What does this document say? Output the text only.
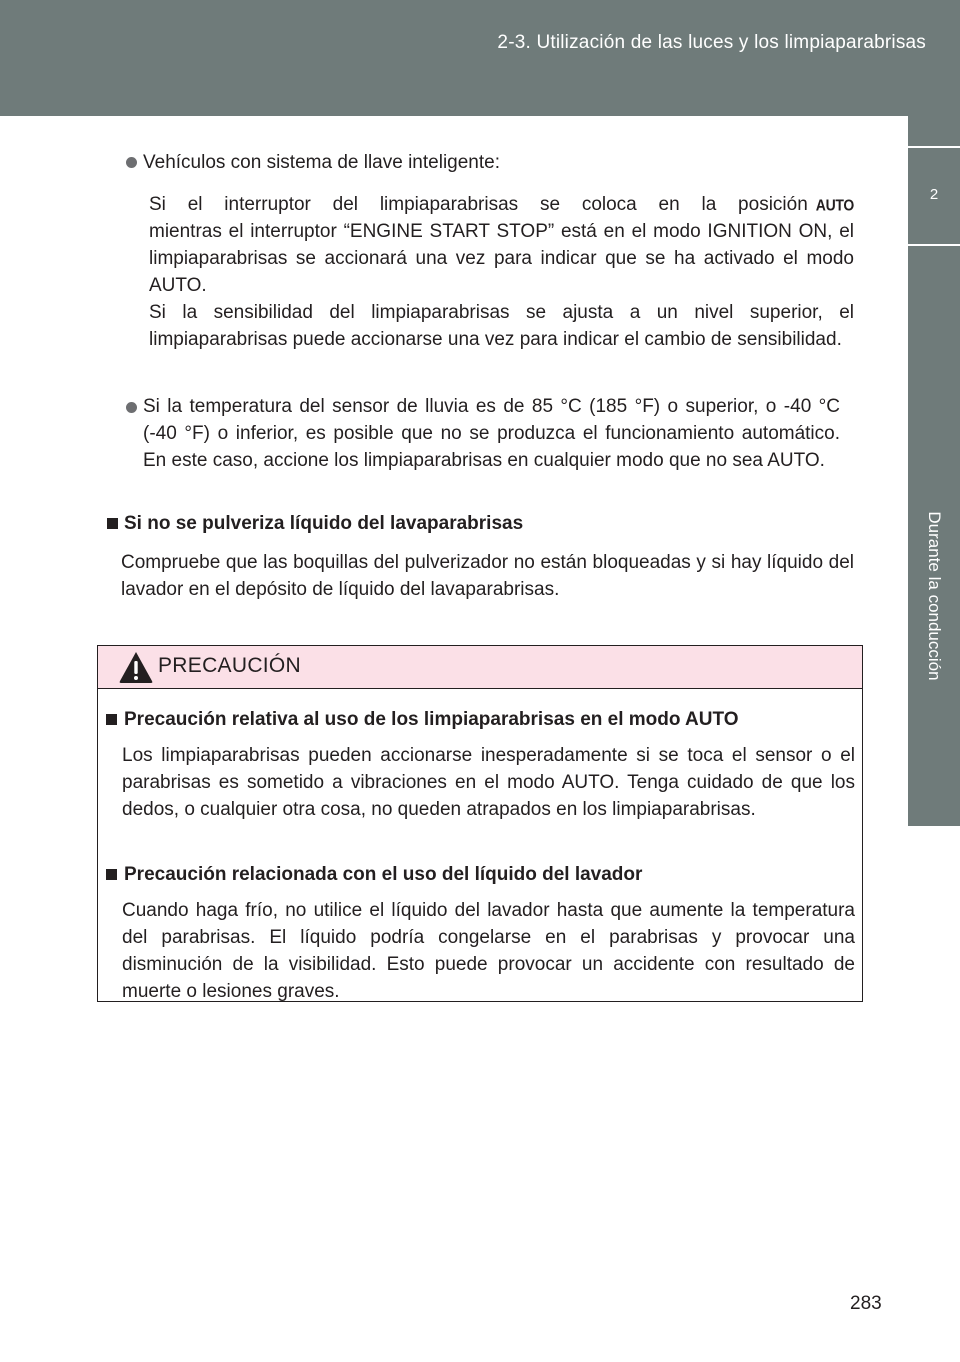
2-3. Utilización de las luces y los limpiaparabrisas
2
Durante la conducción
Vehículos con sistema de llave inteligente:
Si el interruptor del limpiaparabrisas se coloca en la posición AUTO
mientras el interruptor “ENGINE START STOP” está en el modo IGNITION ON, el limpiaparabrisas se accionará una vez para indicar que se ha activado el modo AUTO.
Si la sensibilidad del limpiaparabrisas se ajusta a un nivel superior, el limpiaparabrisas puede accionarse una vez para indicar el cambio de sensibilidad.
Si la temperatura del sensor de lluvia es de 85 °C (185 °F) o superior, o -40 °C (-40 °F) o inferior, es posible que no se produzca el funcionamiento automático. En este caso, accione los limpiaparabrisas en cualquier modo que no sea AUTO.
Si no se pulveriza líquido del lavaparabrisas
Compruebe que las boquillas del pulverizador no están bloqueadas y si hay líquido del lavador en el depósito de líquido del lavaparabrisas.
PRECAUCIÓN
Precaución relativa al uso de los limpiaparabrisas en el modo AUTO
Los limpiaparabrisas pueden accionarse inesperadamente si se toca el sensor o el parabrisas es sometido a vibraciones en el modo AUTO. Tenga cuidado de que los dedos, o cualquier otra cosa, no queden atrapados en los limpiaparabrisas.
Precaución relacionada con el uso del líquido del lavador
Cuando haga frío, no utilice el líquido del lavador hasta que aumente la temperatura del parabrisas. El líquido podría congelarse en el parabrisas y provocar una disminución de la visibilidad. Esto puede provocar un accidente con resultado de muerte o lesiones graves.
283
